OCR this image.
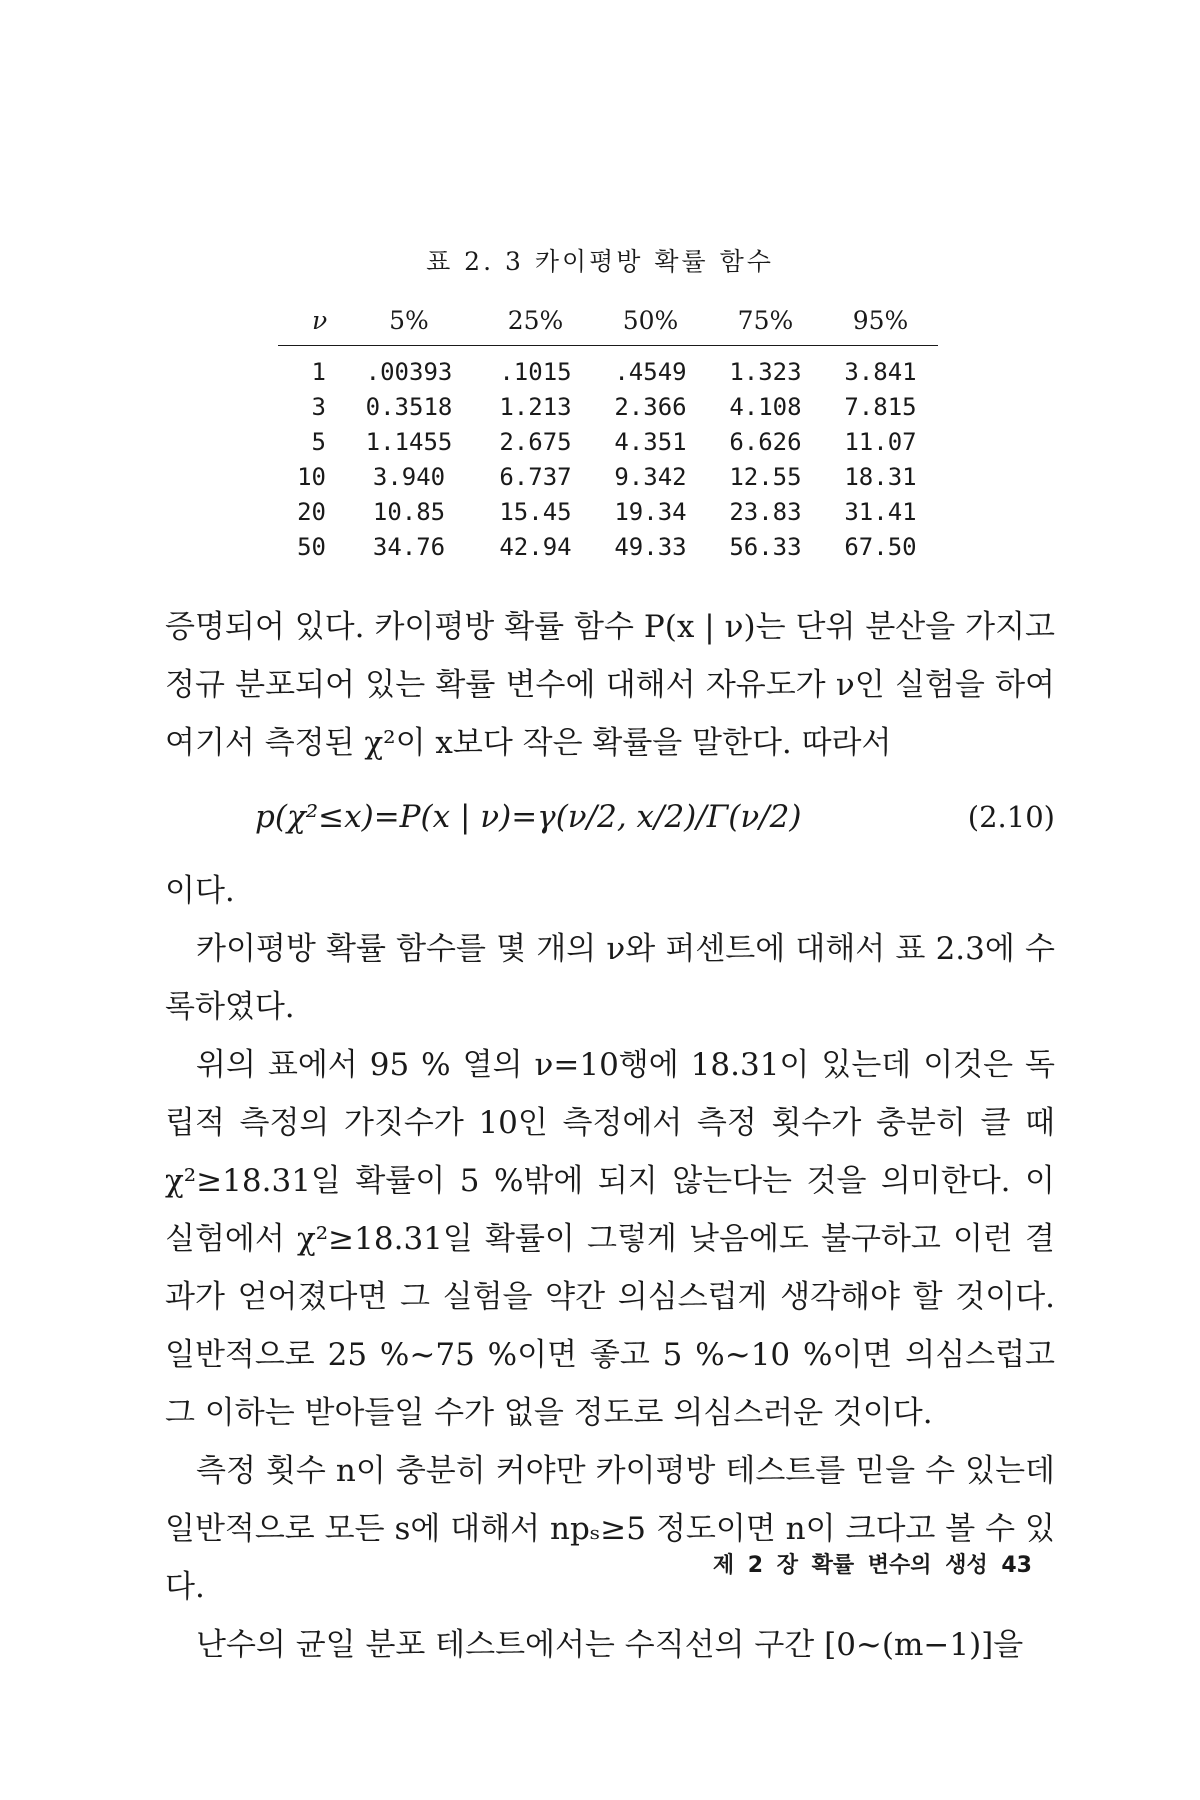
표 2. 3 카이평방 확률 함수
ν	5%	25%	50%	75%	95%
1	.00393	.1015	.4549	1.323	3.841
3	0.3518	1.213	2.366	4.108	7.815
5	1.1455	2.675	4.351	6.626	11.07
10	3.940	6.737	9.342	12.55	18.31
20	10.85	15.45	19.34	23.83	31.41
50	34.76	42.94	49.33	56.33	67.50

증명되어 있다. 카이평방 확률 함수 P(x | ν)는 단위 분산을 가지고 정규 분포되어 있는 확률 변수에 대해서 자유도가 ν인 실험을 하여 여기서 측정된 χ²이 x보다 작은 확률을 말한다. 따라서

p(χ²≤x)=P(x | ν)=γ(ν/2, x/2)/Γ(ν/2)	(2.10)

이다.

카이평방 확률 함수를 몇 개의 ν와 퍼센트에 대해서 표 2.3에 수록하였다.

위의 표에서 95 % 열의 ν=10행에 18.31이 있는데 이것은 독립적 측정의 가짓수가 10인 측정에서 측정 횟수가 충분히 클 때 χ²≥18.31일 확률이 5 %밖에 되지 않는다는 것을 의미한다. 이 실험에서 χ²≥18.31일 확률이 그렇게 낮음에도 불구하고 이런 결과가 얻어졌다면 그 실험을 약간 의심스럽게 생각해야 할 것이다. 일반적으로 25 %~75 %이면 좋고 5 %~10 %이면 의심스럽고 그 이하는 받아들일 수가 없을 정도로 의심스러운 것이다.

측정 횟수 n이 충분히 커야만 카이평방 테스트를 믿을 수 있는데 일반적으로 모든 s에 대해서 npₛ≥5 정도이면 n이 크다고 볼 수 있다.

난수의 균일 분포 테스트에서는 수직선의 구간 [0~(m−1)]을

제 2 장 확률 변수의 생성 43
